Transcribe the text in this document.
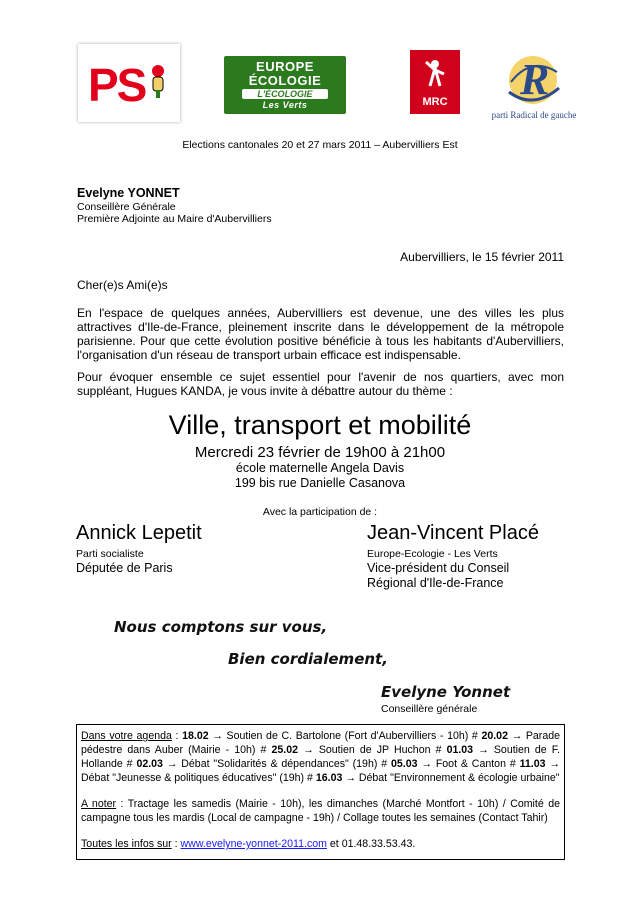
PS	EUROPE
ÉCOLOGIE
L'ÉCOLOGIE
Les Verts	MRC R
parti Radical de gauche
Elections cantonales 20 et 27 mars 2011 – Aubervilliers Est
Evelyne YONNET
Conseillère Générale
Première Adjointe au Maire d'Aubervilliers
Aubervilliers, le 15 février 2011
Cher(e)s Ami(e)s
En l'espace de quelques années, Aubervilliers est devenue, une des villes les plus attractives d'Ile-de-France, pleinement inscrite dans le développement de la métropole parisienne. Pour que cette évolution positive bénéficie à tous les habitants d'Aubervilliers, l'organisation d'un réseau de transport urbain efficace est indispensable.
Pour évoquer ensemble ce sujet essentiel pour l'avenir de nos quartiers, avec mon suppléant, Hugues KANDA, je vous invite à débattre autour du thème :
Ville, transport et mobilité
Mercredi 23 février de 19h00 à 21h00
école maternelle Angela Davis
199 bis rue Danielle Casanova
Avec la participation de :
Annick Lepetit
Parti socialiste
Députée de Paris
Jean-Vincent Placé
Europe-Ecologie - Les Verts
Vice-président du Conseil
Régional d'Ile-de-France
Nous comptons sur vous,
Bien cordialement,
Evelyne Yonnet
Conseillère générale
Dans votre agenda : 18.02 → Soutien de C. Bartolone (Fort d'Aubervilliers - 10h) # 20.02 → Parade pédestre dans Auber (Mairie - 10h) # 25.02 → Soutien de JP Huchon # 01.03 → Soutien de F. Hollande # 02.03 → Débat "Solidarités & dépendances" (19h) # 05.03 → Foot & Canton # 11.03 → Débat "Jeunesse & politiques éducatives" (19h) # 16.03 → Débat "Environnement & écologie urbaine"
A noter : Tractage les samedis (Mairie - 10h), les dimanches (Marché Montfort - 10h) / Comité de campagne tous les mardis (Local de campagne - 19h) / Collage toutes les semaines (Contact Tahir)
Toutes les infos sur : www.evelyne-yonnet-2011.com et 01.48.33.53.43.
